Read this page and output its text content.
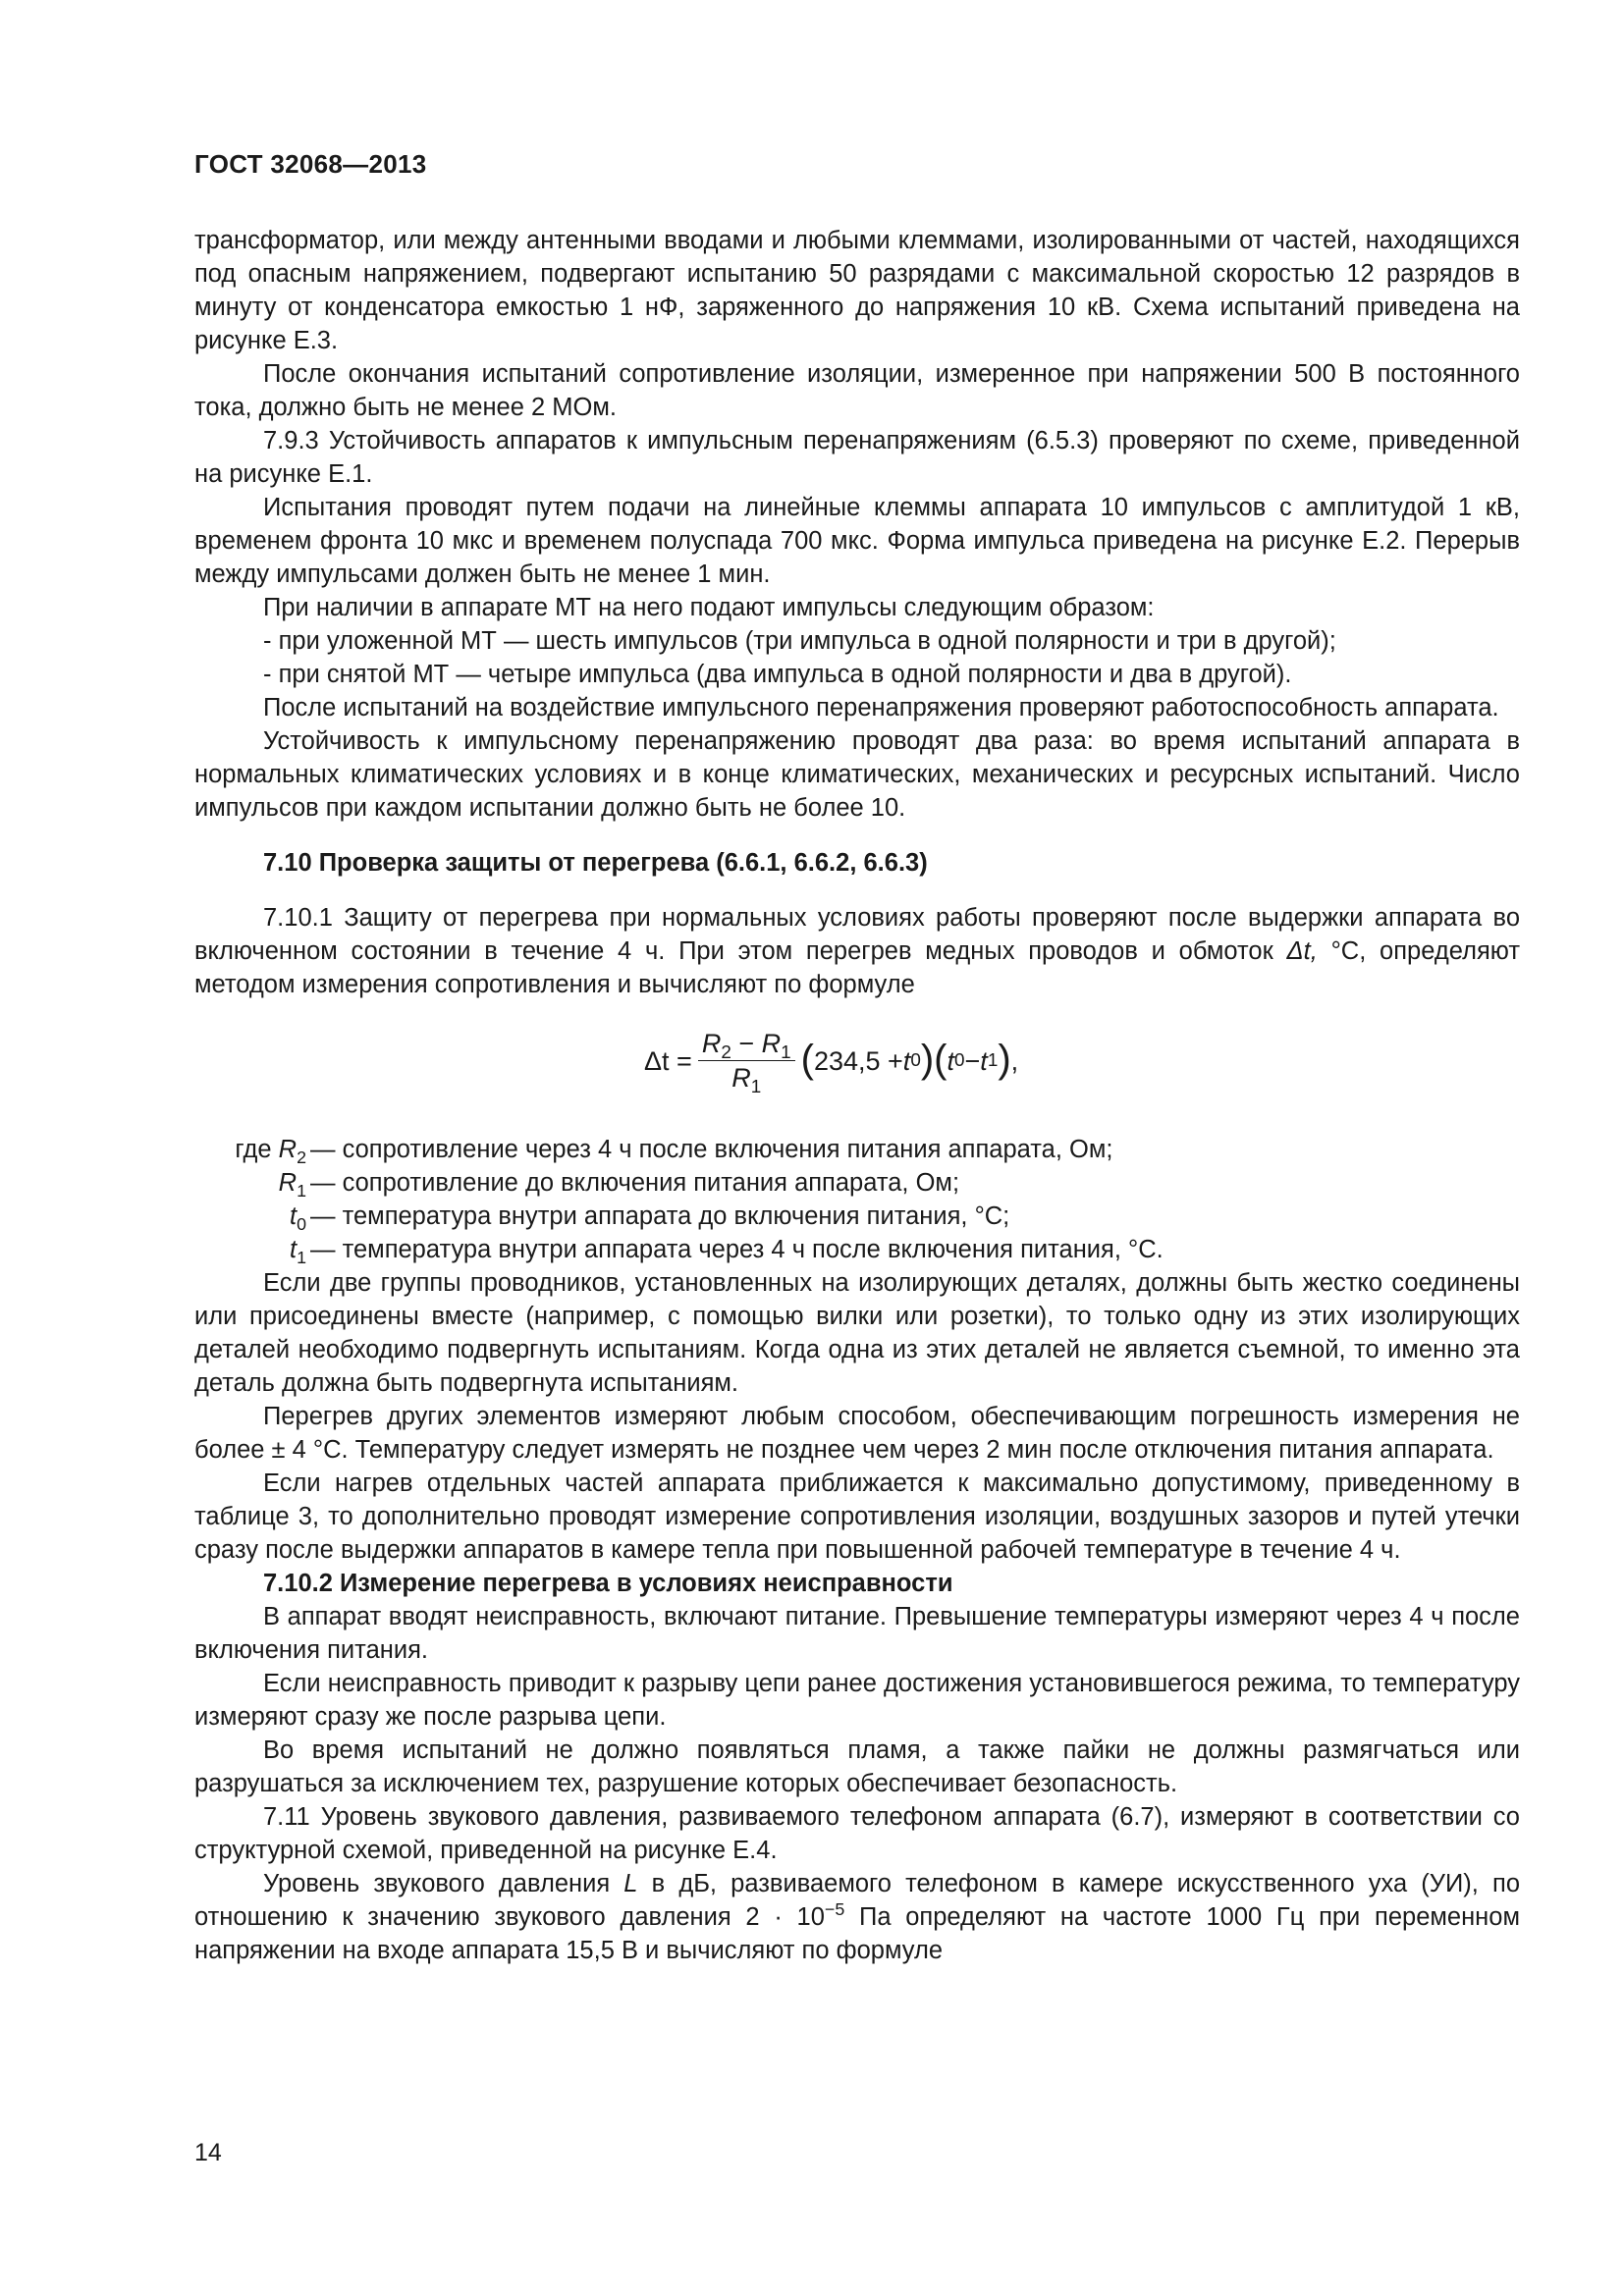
ГОСТ 32068—2013

трансформатор, или между антенными вводами и любыми клеммами, изолированными от частей, находящихся под опасным напряжением, подвергают испытанию 50 разрядами с максимальной скоростью 12 разрядов в минуту от конденсатора емкостью 1 нФ, заряженного до напряжения 10 кВ. Схема испытаний приведена на рисунке Е.3.

После окончания испытаний сопротивление изоляции, измеренное при напряжении 500 В постоянного тока, должно быть не менее 2 МОм.

7.9.3 Устойчивость аппаратов к импульсным перенапряжениям (6.5.3) проверяют по схеме, приведенной на рисунке Е.1.

Испытания проводят путем подачи на линейные клеммы аппарата 10 импульсов с амплитудой 1 кВ, временем фронта 10 мкс и временем полуспада 700 мкс. Форма импульса приведена на рисунке Е.2. Перерыв между импульсами должен быть не менее 1 мин.

При наличии в аппарате МТ на него подают импульсы следующим образом:

- при уложенной МТ — шесть импульсов (три импульса в одной полярности и три в другой);

- при снятой МТ — четыре импульса (два импульса в одной полярности и два в другой).

После испытаний на воздействие импульсного перенапряжения проверяют работоспособность аппарата.

Устойчивость к импульсному перенапряжению проводят два раза: во время испытаний аппарата в нормальных климатических условиях и в конце климатических, механических и ресурсных испытаний. Число импульсов при каждом испытании должно быть не более 10.

7.10 Проверка защиты от перегрева (6.6.1, 6.6.2, 6.6.3)

7.10.1 Защиту от перегрева при нормальных условиях работы проверяют после выдержки аппарата во включенном состоянии в течение 4 ч. При этом перегрев медных проводов и обмоток Δt, °С, определяют методом измерения сопротивления и вычисляют по формуле

$\Delta t = \frac{R_2 - R_1}{R_1}$ ( 234,5 + t 0 ) ( t 0 − t 1 ) ,
где $R_2$ — сопротивление через 4 ч после включения питания аппарата, Ом;
$R_1$ — сопротивление до включения питания аппарата, Ом;
$t_0$ — температура внутри аппарата до включения питания, °С;
$t_1$ — температура внутри аппарата через 4 ч после включения питания, °С.

Если две группы проводников, установленных на изолирующих деталях, должны быть жестко соединены или присоединены вместе (например, с помощью вилки или розетки), то только одну из этих изолирующих деталей необходимо подвергнуть испытаниям. Когда одна из этих деталей не является съемной, то именно эта деталь должна быть подвергнута испытаниям.

Перегрев других элементов измеряют любым способом, обеспечивающим погрешность измерения не более ± 4 °С. Температуру следует измерять не позднее чем через 2 мин после отключения питания аппарата.

Если нагрев отдельных частей аппарата приближается к максимально допустимому, приведенному в таблице 3, то дополнительно проводят измерение сопротивления изоляции, воздушных зазоров и путей утечки сразу после выдержки аппаратов в камере тепла при повышенной рабочей температуре в течение 4 ч.

7.10.2 Измерение перегрева в условиях неисправности

В аппарат вводят неисправность, включают питание. Превышение температуры измеряют через 4 ч после включения питания.

Если неисправность приводит к разрыву цепи ранее достижения установившегося режима, то температуру измеряют сразу же после разрыва цепи.

Во время испытаний не должно появляться пламя, а также пайки не должны размягчаться или разрушаться за исключением тех, разрушение которых обеспечивает безопасность.

7.11 Уровень звукового давления, развиваемого телефоном аппарата (6.7), измеряют в соответствии со структурной схемой, приведенной на рисунке Е.4.

Уровень звукового давления L в дБ, развиваемого телефоном в камере искусственного уха (УИ), по отношению к значению звукового давления $2 \cdot 10^{-5}$ Па определяют на частоте 1000 Гц при переменном напряжении на входе аппарата 15,5 В и вычисляют по формуле

14
